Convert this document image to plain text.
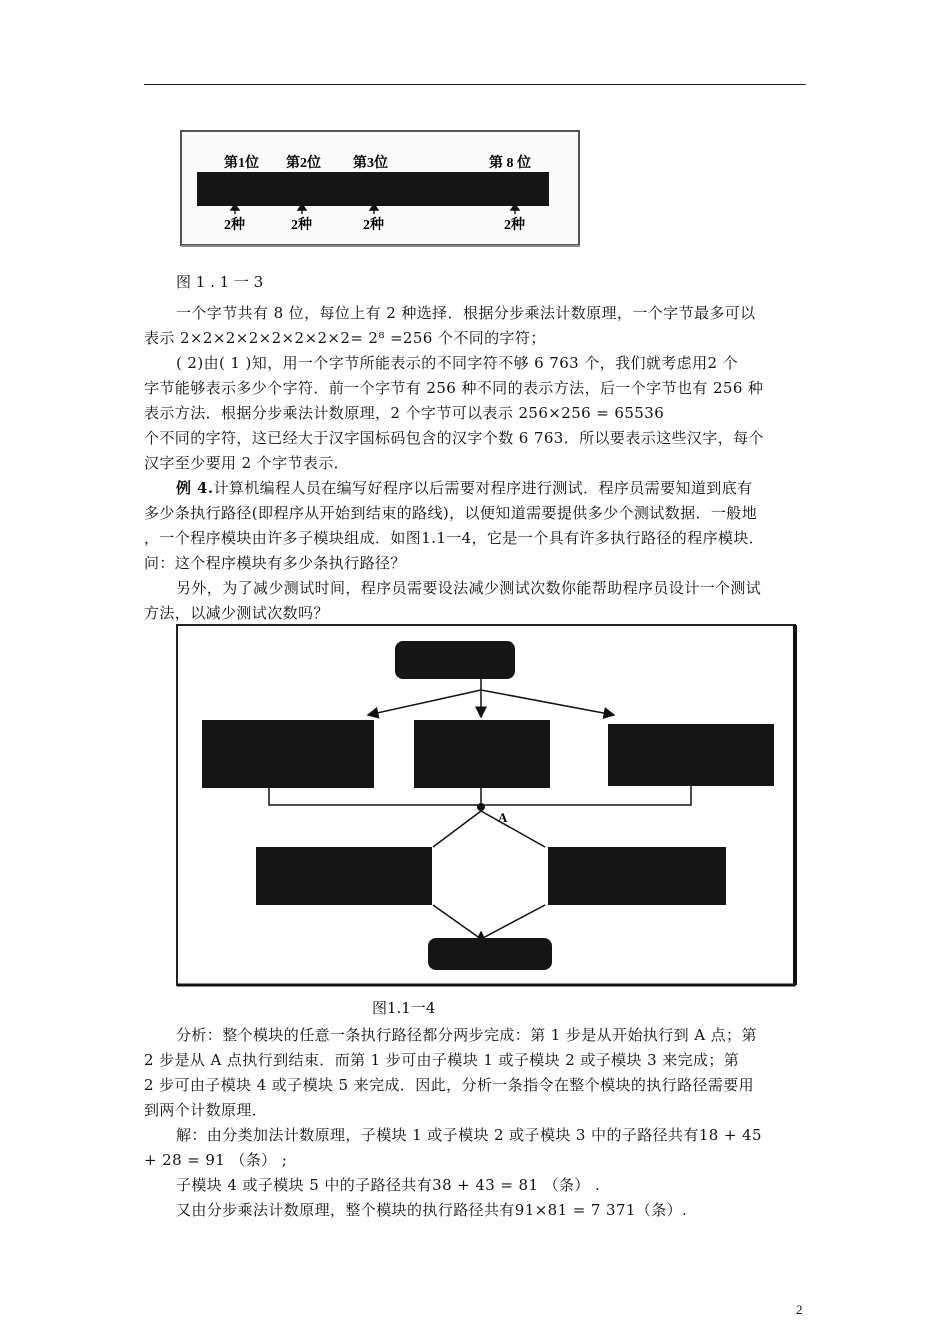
第1位 第2位 第3位	第 8 位
2种	2种	2种	2种
图 1 . 1 一 3
一个字节共有 8 位，每位上有 2 种选择．根据分步乘法计数原理，一个字节最多可以
表示 2×2×2×2×2×2×2×2= 2⁸ =256 个不同的字符；
( 2)由( 1 )知，用一个字节所能表示的不同字符不够 6 763 个，我们就考虑用2 个
字节能够表示多少个字符．前一个字节有 256 种不同的表示方法，后一个字节也有 256 种
表示方法．根据分步乘法计数原理，2 个字节可以表示 256×256 = 65536
个不同的字符，这已经大于汉字国标码包含的汉字个数 6 763．所以要表示这些汉字，每个
汉字至少要用 2 个字节表示．
例 4.计算机编程人员在编写好程序以后需要对程序进行测试．程序员需要知道到底有
多少条执行路径(即程序从开始到结束的路线)，以便知道需要提供多少个测试数据．一般地
，一个程序模块由许多子模块组成．如图1.1一4，它是一个具有许多执行路径的程序模块．
问：这个程序模块有多少条执行路径？
另外，为了减少测试时间，程序员需要设法减少测试次数你能帮助程序员设计一个测试
方法，以减少测试次数吗？
A
图1.1一4
分析：整个模块的任意一条执行路径都分两步完成：第 1 步是从开始执行到 A 点；第
2 步是从 A 点执行到结束．而第 1 步可由子模块 1 或子模块 2 或子模块 3 来完成；第
2 步可由子模块 4 或子模块 5 来完成．因此，分析一条指令在整个模块的执行路径需要用
到两个计数原理．
解：由分类加法计数原理，子模块 1 或子模块 2 或子模块 3 中的子路径共有18 + 45
+ 28 = 91 （条） ;
子模块 4 或子模块 5 中的子路径共有38 + 43 = 81 （条） .
又由分步乘法计数原理，整个模块的执行路径共有91×81 = 7 371（条）.
2
